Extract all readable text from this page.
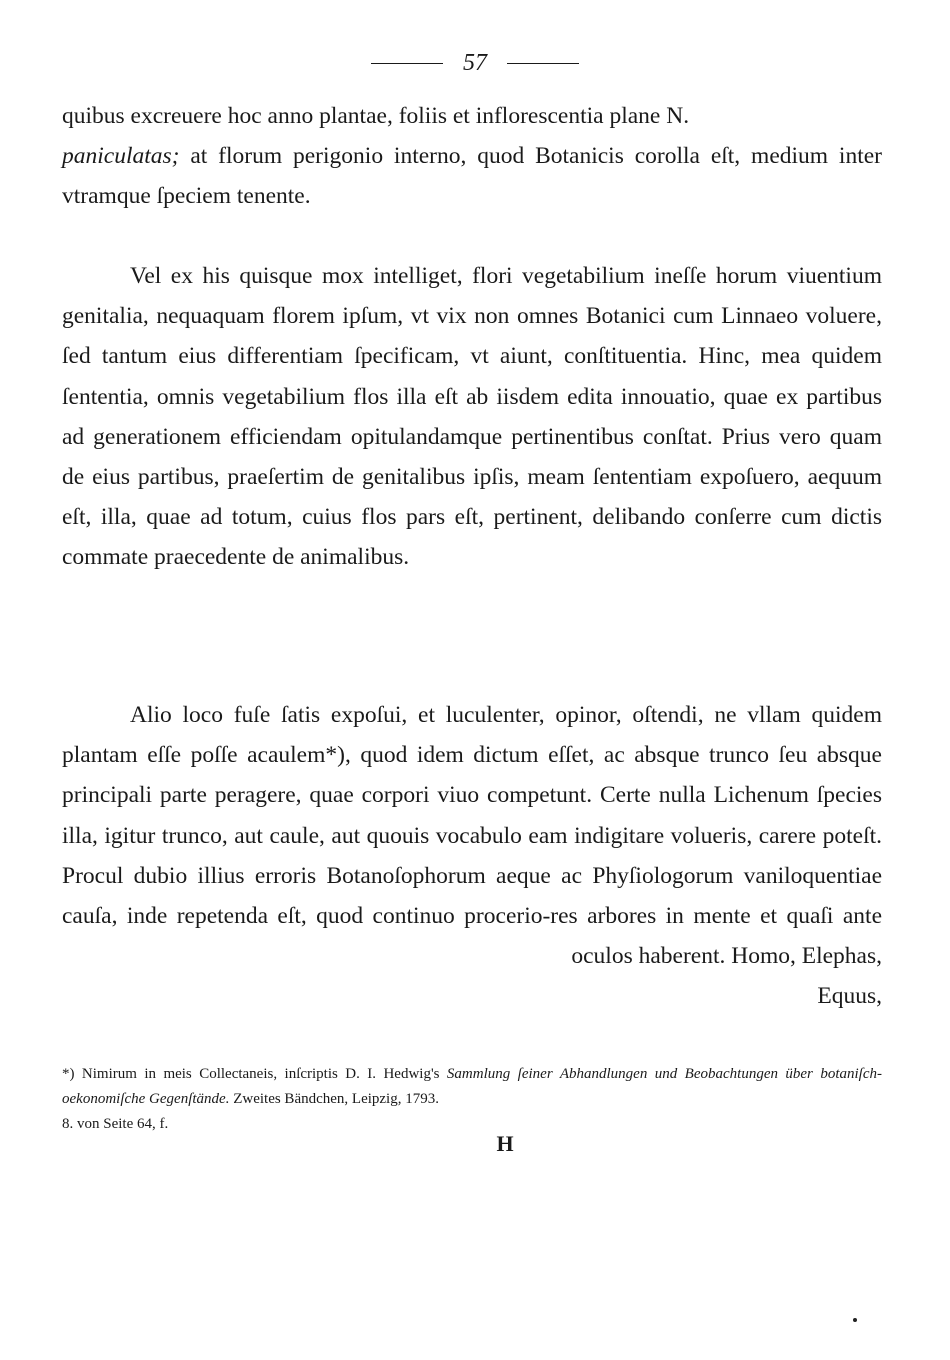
57

quibus excreuere hoc anno plantae, foliis et inflorescentia plane N.
paniculatas; at florum perigonio interno, quod Botanicis corolla eſt, medium inter vtramque ſpeciem tenente.

Vel ex his quisque mox intelliget, flori vegetabilium ineſſe horum viuentium genitalia, nequaquam florem ipſum, vt vix non omnes Botanici cum Linnaeo voluere, ſed tantum eius differentiam ſpecificam, vt aiunt, conſtituentia. Hinc, mea quidem ſententia, omnis vegetabilium flos illa eſt ab iisdem edita innouatio, quae ex partibus ad generationem efficiendam opitulandamque pertinentibus conſtat. Prius vero quam de eius partibus, praeſertim de genitalibus ipſis, meam ſententiam expoſuero, aequum eſt, illa, quae ad totum, cuius flos pars eſt, pertinent, delibando conſerre cum dictis commate praecedente de animalibus.

Alio loco fuſe ſatis expoſui, et luculenter, opinor, oſtendi, ne vllam quidem plantam eſſe poſſe acaulem*), quod idem dictum eſſet, ac absque trunco ſeu absque principali parte peragere, quae corpori viuo competunt. Certe nulla Lichenum ſpecies illa, igitur trunco, aut caule, aut quouis vocabulo eam indigitare volueris, carere poteſt. Procul dubio illius erroris Botanoſophorum aeque ac Phyſiologorum vaniloquentiae cauſa, inde repetenda eſt, quod continuo procerio-res arbores in mente et quaſi ante oculos haberent. Homo, Elephas,
Equus,

*) Nimirum in meis Collectaneis, inſcriptis D. I. Hedwig's Sammlung ſeiner Abhandlungen und Beobachtungen über botaniſch-oekonomiſche Gegenſtände. Zweites Bändchen, Leipzig, 1793.
8. von Seite 64, f.

H
